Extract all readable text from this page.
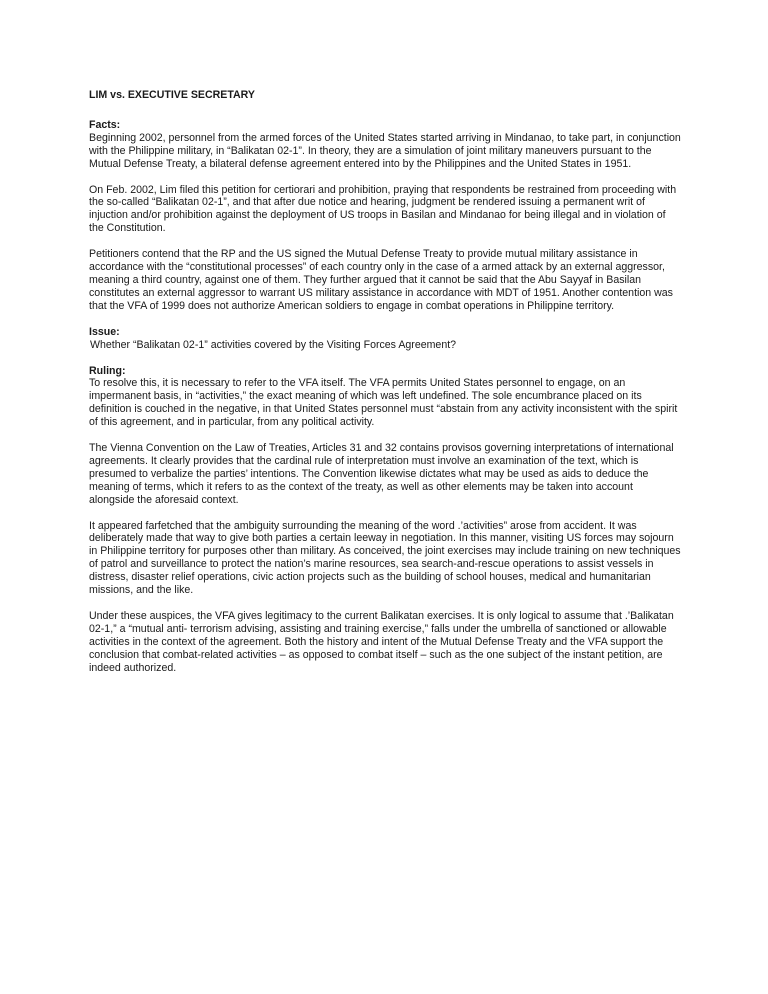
LIM vs. EXECUTIVE SECRETARY

Facts:

Beginning 2002, personnel from the armed forces of the United States started arriving in Mindanao, to take part, in conjunction with the Philippine military, in “Balikatan 02-1”. In theory, they are a simulation of joint military maneuvers pursuant to the Mutual Defense Treaty, a bilateral defense agreement entered into by the Philippines and the United States in 1951.

On Feb. 2002, Lim filed this petition for certiorari and prohibition, praying that respondents be restrained from proceeding with the so-called “Balikatan 02-1”, and that after due notice and hearing, judgment be rendered issuing a permanent writ of injuction and/or prohibition against the deployment of US troops in Basilan and Mindanao for being illegal and in violation of the Constitution.

Petitioners contend that the RP and the US signed the Mutual Defense Treaty to provide mutual military assistance in accordance with the “constitutional processes” of each country only in the case of a armed attack by an external aggressor, meaning a third country, against one of them. They further argued that it cannot be said that the Abu Sayyaf in Basilan constitutes an external aggressor to warrant US military assistance in accordance with MDT of 1951. Another contention was that the VFA of 1999 does not authorize American soldiers to engage in combat operations in Philippine territory.

Issue:

Whether “Balikatan 02-1” activities covered by the Visiting Forces Agreement?

Ruling:

To resolve this, it is necessary to refer to the VFA itself. The VFA permits United States personnel to engage, on an impermanent basis, in “activities,” the exact meaning of which was left undefined. The sole encumbrance placed on its definition is couched in the negative, in that United States personnel must “abstain from any activity inconsistent with the spirit of this agreement, and in particular, from any political activity.

The Vienna Convention on the Law of Treaties, Articles 31 and 32 contains provisos governing interpretations of international agreements. It clearly provides that the cardinal rule of interpretation must involve an examination of the text, which is presumed to verbalize the parties’ intentions. The Convention likewise dictates what may be used as aids to deduce the meaning of terms, which it refers to as the context of the treaty, as well as other elements may be taken into account alongside the aforesaid context.

It appeared farfetched that the ambiguity surrounding the meaning of the word .’activities” arose from accident. It was deliberately made that way to give both parties a certain leeway in negotiation. In this manner, visiting US forces may sojourn in Philippine territory for purposes other than military. As conceived, the joint exercises may include training on new techniques of patrol and surveillance to protect the nation’s marine resources, sea search-and-rescue operations to assist vessels in distress, disaster relief operations, civic action projects such as the building of school houses, medical and humanitarian missions, and the like.

Under these auspices, the VFA gives legitimacy to the current Balikatan exercises. It is only logical to assume that .’Balikatan 02-1,” a “mutual anti- terrorism advising, assisting and training exercise,” falls under the umbrella of sanctioned or allowable activities in the context of the agreement. Both the history and intent of the Mutual Defense Treaty and the VFA support the conclusion that combat-related activities – as opposed to combat itself – such as the one subject of the instant petition, are indeed authorized.
